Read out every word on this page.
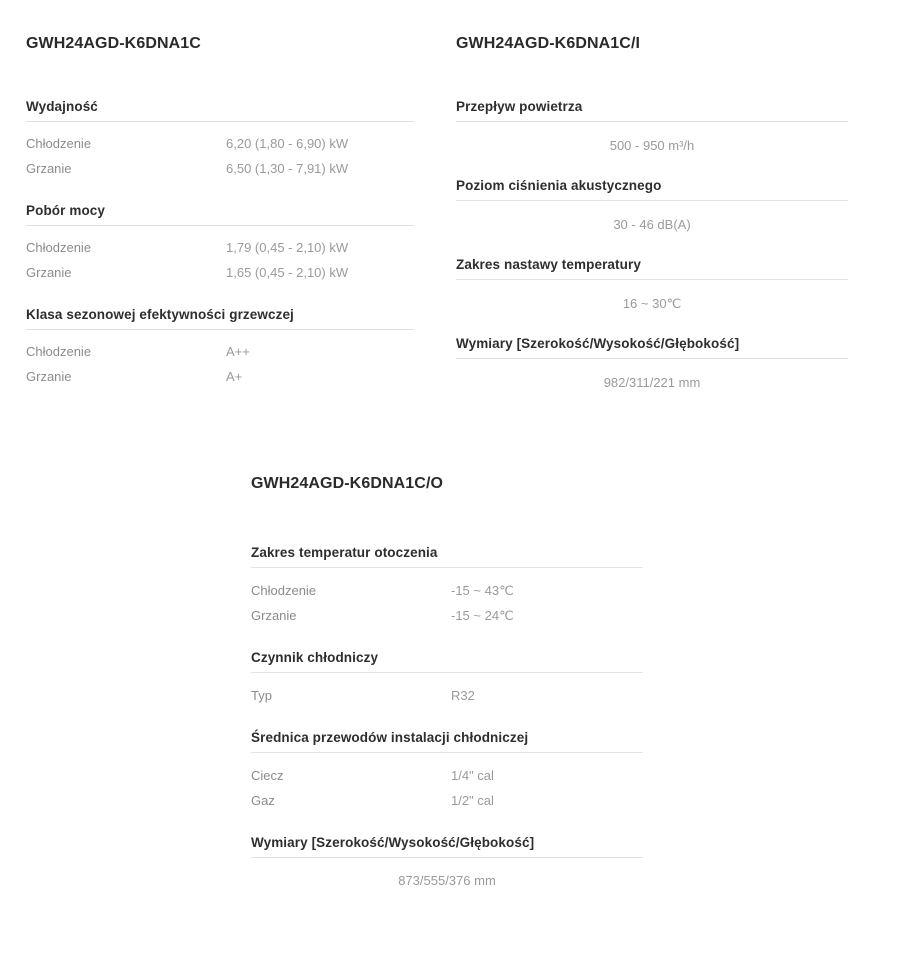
GWH24AGD-K6DNA1C
Wydajność
Chłodzenie	6,20 (1,80 - 6,90) kW
Grzanie	6,50 (1,30 - 7,91) kW
Pobór mocy
Chłodzenie	1,79 (0,45 - 2,10) kW
Grzanie	1,65 (0,45 - 2,10) kW
Klasa sezonowej efektywności grzewczej
Chłodzenie	A++
Grzanie	A+
GWH24AGD-K6DNA1C/I
Przepływ powietrza
500 - 950 m³/h
Poziom ciśnienia akustycznego
30 - 46 dB(A)
Zakres nastawy temperatury
16 ~ 30℃
Wymiary [Szerokość/Wysokość/Głębokość]
982/311/221 mm
GWH24AGD-K6DNA1C/O
Zakres temperatur otoczenia
Chłodzenie	-15 ~ 43℃
Grzanie	-15 ~ 24℃
Czynnik chłodniczy
Typ	R32
Średnica przewodów instalacji chłodniczej
Ciecz	1/4" cal
Gaz	1/2" cal
Wymiary [Szerokość/Wysokość/Głębokość]
873/555/376 mm
